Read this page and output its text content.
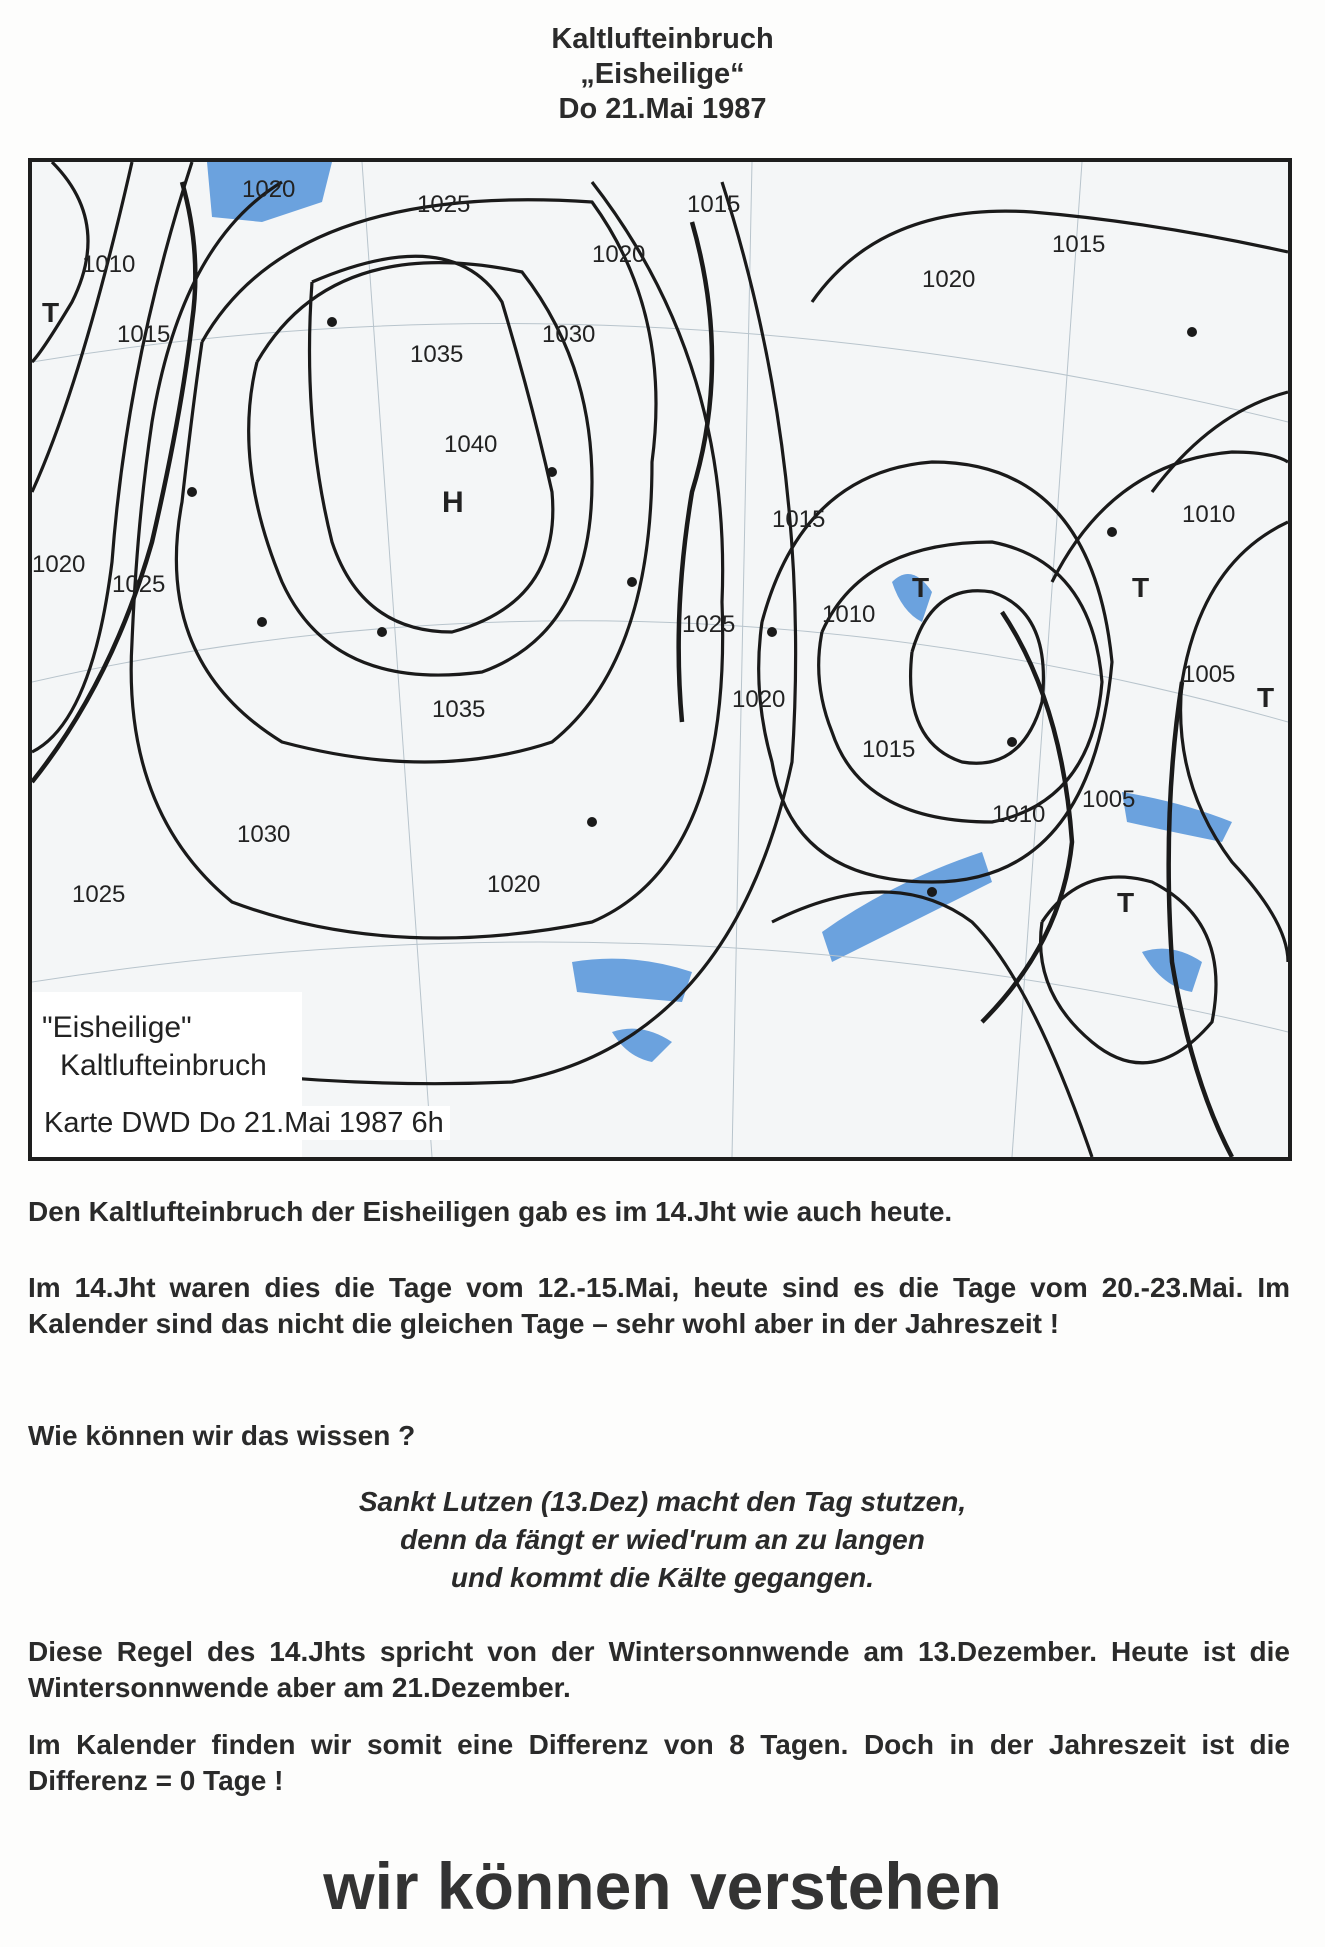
Kaltlufteinbruch
„Eisheilige“
Do 21.Mai 1987
1020
1025	1015
1010
1015
1020
1035
1030
1040
H
1035
1030
1025
1025
1020
1020
1015
1010
T
1015
1010
1005
1005
1010
1015
T
T
T
T
1020
1025
1020
"Eisheilige"
Kaltlufteinbruch
Karte DWD Do 21.Mai 1987 6h
Den Kaltlufteinbruch der Eisheiligen gab es im 14.Jht wie auch heute.
Im 14.Jht waren dies die Tage vom 12.-15.Mai, heute sind es die Tage vom 20.-23.Mai. Im Kalender sind das nicht die gleichen Tage – sehr wohl aber in der Jahreszeit !
Wie können wir das wissen ?
Sankt Lutzen (13.Dez) macht den Tag stutzen,
denn da fängt er wied'rum an zu langen
und kommt die Kälte gegangen.
Diese Regel des 14.Jhts spricht von der Wintersonnwende am 13.Dezember. Heute ist die Wintersonnwende aber am 21.Dezember.
Im Kalender finden wir somit eine Differenz von 8 Tagen. Doch in der Jahreszeit ist die Differenz = 0 Tage !
wir können verstehen
